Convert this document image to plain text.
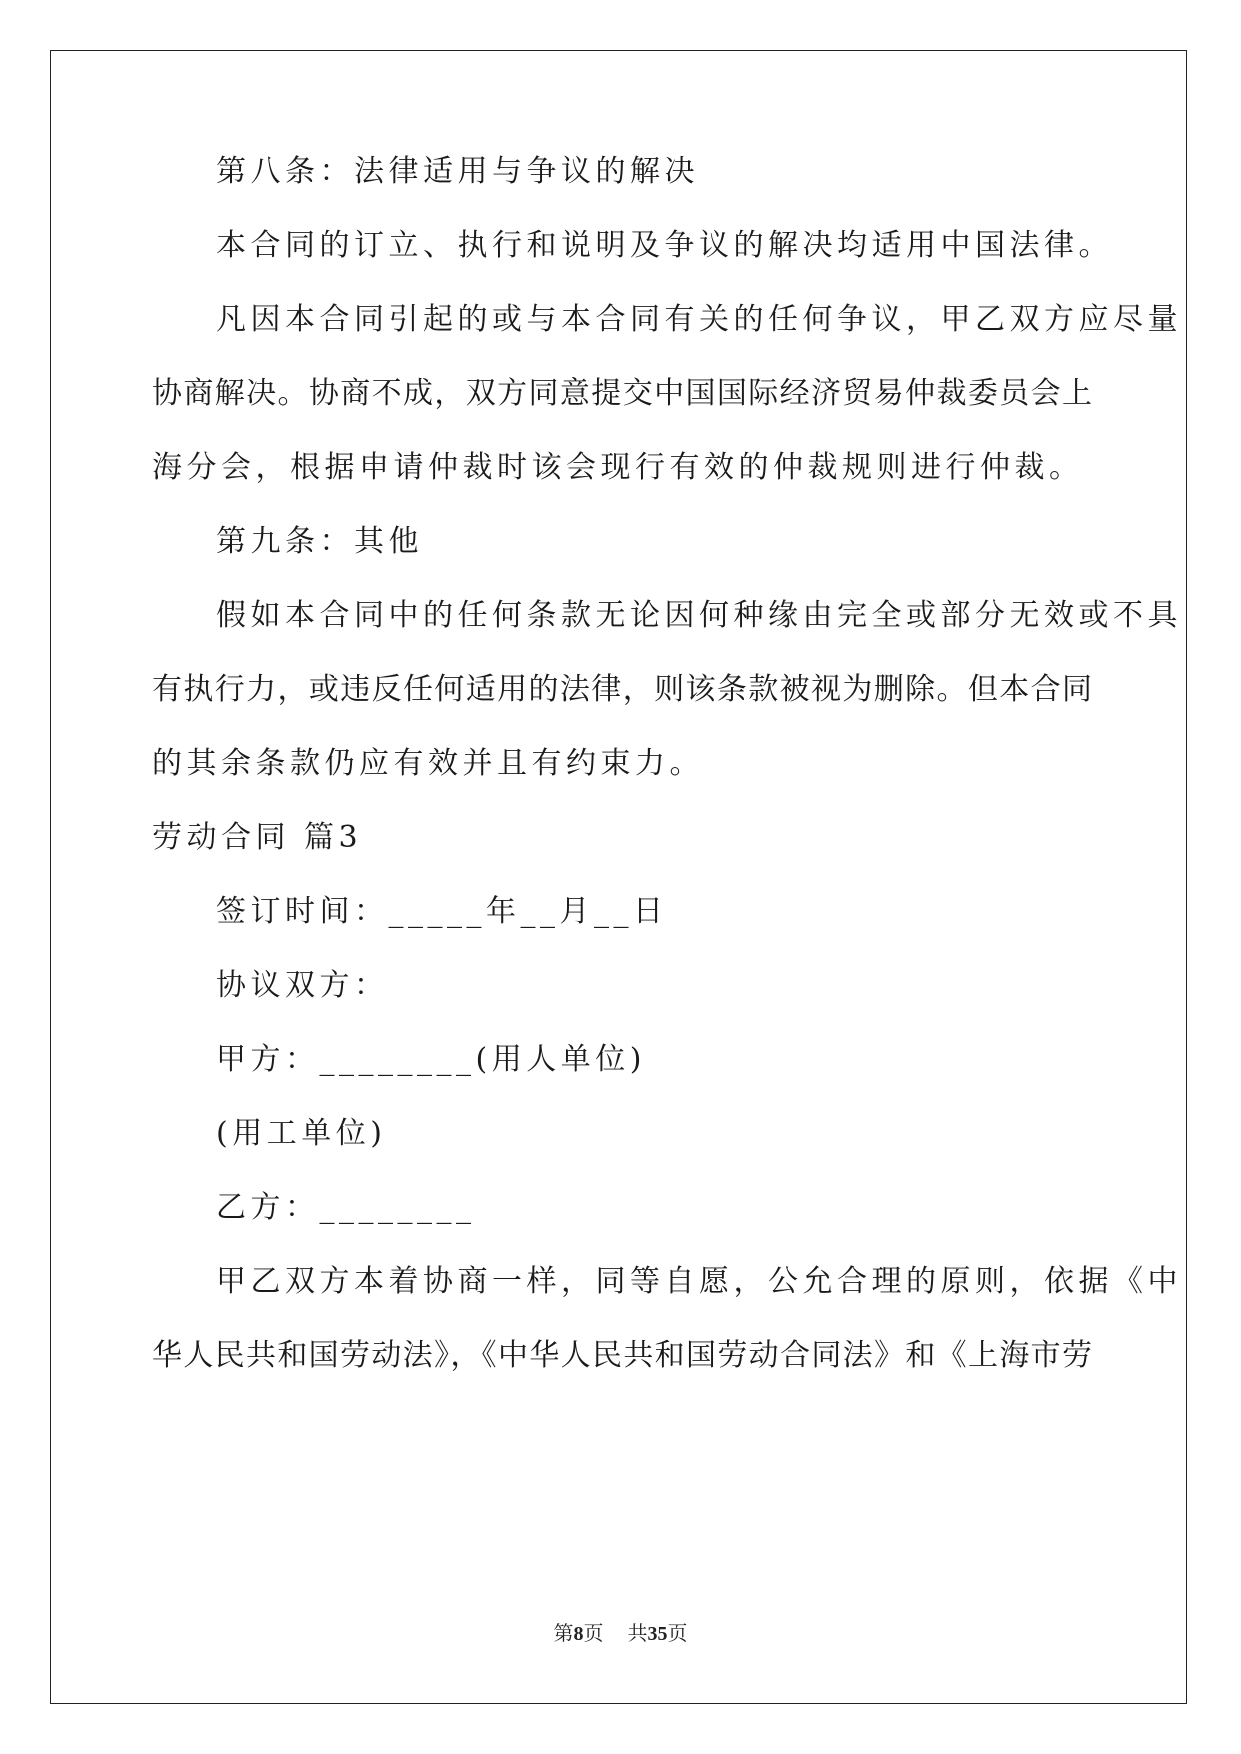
第八条：法律适用与争议的解决
本合同的订立、执行和说明及争议的解决均适用中国法律。
凡因本合同引起的或与本合同有关的任何争议，甲乙双方应尽量
协商解决。协商不成，双方同意提交中国国际经济贸易仲裁委员会上
海分会，根据申请仲裁时该会现行有效的仲裁规则进行仲裁。
第九条：其他
假如本合同中的任何条款无论因何种缘由完全或部分无效或不具
有执行力，或违反任何适用的法律，则该条款被视为删除。但本合同
的其余条款仍应有效并且有约束力。
劳动合同 篇3
签订时间：_____年__月__日
协议双方：
甲方：________(用人单位)
(用工单位)
乙方：________
甲乙双方本着协商一样，同等自愿，公允合理的原则，依据《中
华人民共和国劳动法》，《中华人民共和国劳动合同法》和《上海市劳
第8页 共35页
